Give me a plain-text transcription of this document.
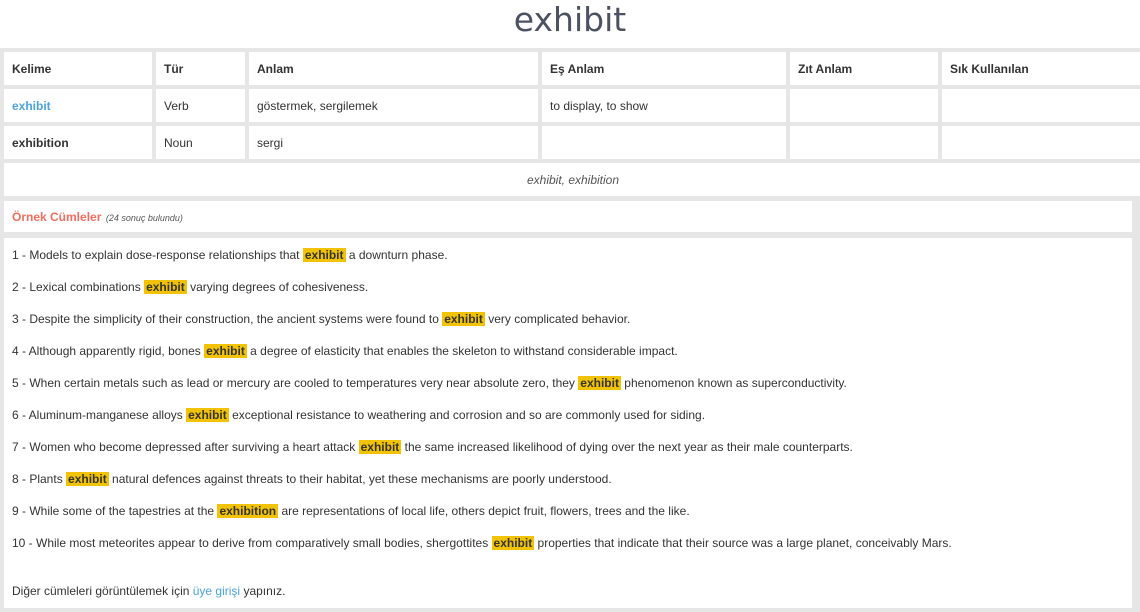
exhibit
Kelime	Tür	Anlam	Eş Anlam	Zıt Anlam	Sık Kullanılan
exhibit	Verb	göstermek, sergilemek	to display, to show		
exhibition	Noun	sergi			
exhibit, exhibition					
Örnek Cümleler (24 sonuç bulundu)
1 - Models to explain dose-response relationships that exhibit a downturn phase.
2 - Lexical combinations exhibit varying degrees of cohesiveness.
3 - Despite the simplicity of their construction, the ancient systems were found to exhibit very complicated behavior.
4 - Although apparently rigid, bones exhibit a degree of elasticity that enables the skeleton to withstand considerable impact.
5 - When certain metals such as lead or mercury are cooled to temperatures very near absolute zero, they exhibit phenomenon known as superconductivity.
6 - Aluminum-manganese alloys exhibit exceptional resistance to weathering and corrosion and so are commonly used for siding.
7 - Women who become depressed after surviving a heart attack exhibit the same increased likelihood of dying over the next year as their male counterparts.
8 - Plants exhibit natural defences against threats to their habitat, yet these mechanisms are poorly understood.
9 - While some of the tapestries at the exhibition are representations of local life, others depict fruit, flowers, trees and the like.
10 - While most meteorites appear to derive from comparatively small bodies, shergottites exhibit properties that indicate that their source was a large planet, conceivably Mars.
Diğer cümleleri görüntülemek için üye girişi yapınız.
